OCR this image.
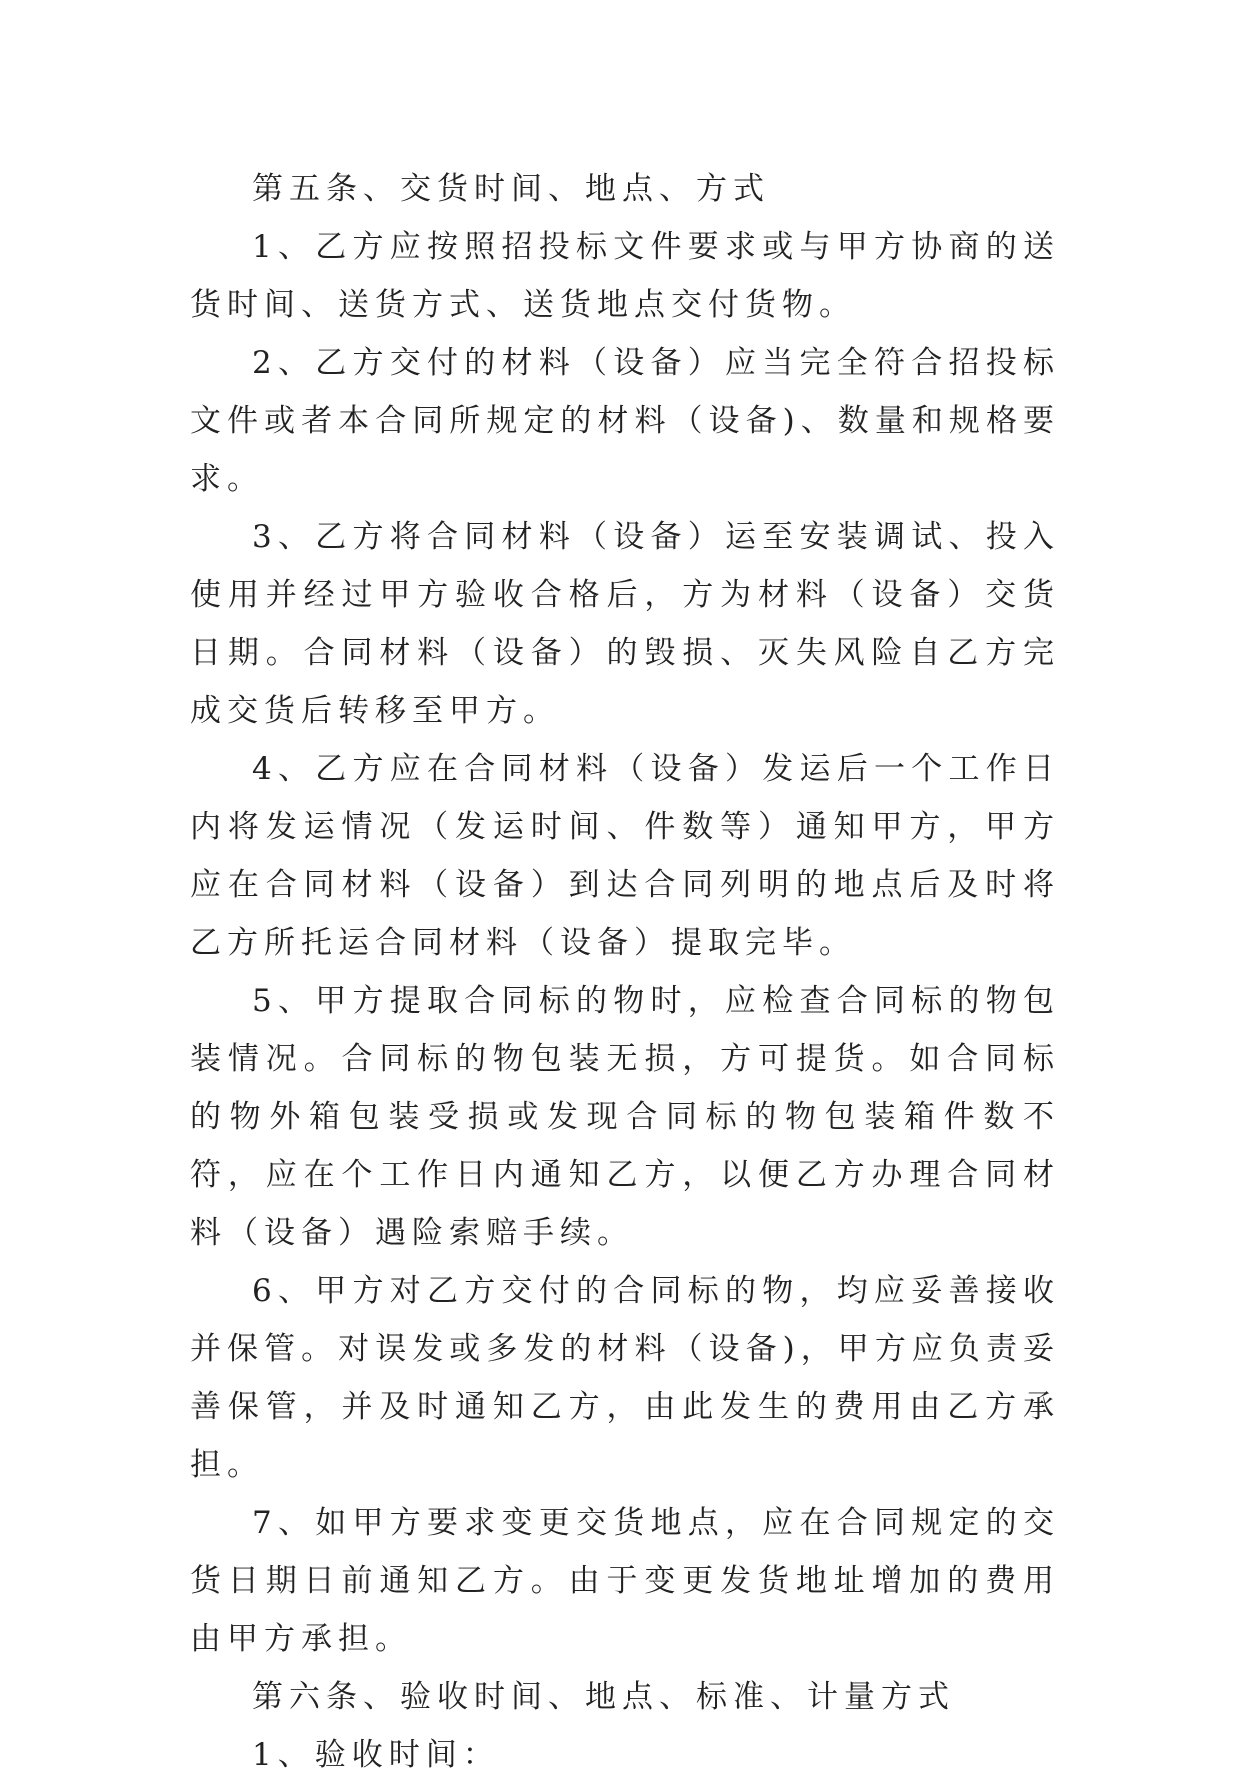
第五条、交货时间、地点、方式

1、乙方应按照招投标文件要求或与甲方协商的送货时间、送货方式、送货地点交付货物。

2、乙方交付的材料（设备）应当完全符合招投标文件或者本合同所规定的材料（设备)、数量和规格要求。

3、乙方将合同材料（设备）运至安装调试、投入使用并经过甲方验收合格后，方为材料（设备）交货日期。合同材料（设备）的毁损、灭失风险自乙方完成交货后转移至甲方。

4、乙方应在合同材料（设备）发运后一个工作日内将发运情况（发运时间、件数等）通知甲方，甲方应在合同材料（设备）到达合同列明的地点后及时将乙方所托运合同材料（设备）提取完毕。

5、甲方提取合同标的物时，应检查合同标的物包装情况。合同标的物包装无损，方可提货。如合同标的物外箱包装受损或发现合同标的物包装箱件数不符，应在个工作日内通知乙方，以便乙方办理合同材料（设备）遇险索赔手续。

6、甲方对乙方交付的合同标的物，均应妥善接收并保管。对误发或多发的材料（设备)，甲方应负责妥善保管，并及时通知乙方，由此发生的费用由乙方承担。

7、如甲方要求变更交货地点，应在合同规定的交货日期日前通知乙方。由于变更发货地址增加的费用由甲方承担。

第六条、验收时间、地点、标准、计量方式

1、验收时间：
